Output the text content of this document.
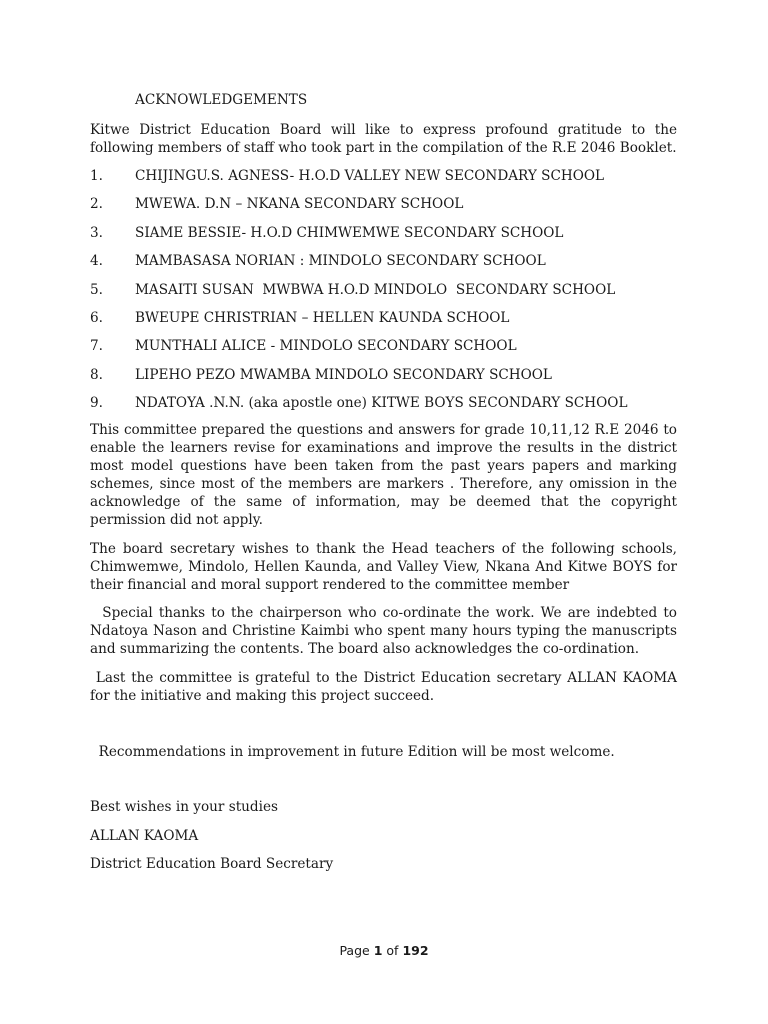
ACKNOWLEDGEMENTS
Kitwe District Education Board will like to express profound gratitude to the following members of staff who took part in the compilation of the R.E 2046 Booklet.
1. CHIJINGU.S. AGNESS- H.O.D VALLEY NEW SECONDARY SCHOOL
2. MWEWA. D.N – NKANA SECONDARY SCHOOL
3. SIAME BESSIE- H.O.D CHIMWEMWE SECONDARY SCHOOL
4. MAMBASASA NORIAN : MINDOLO SECONDARY SCHOOL
5. MASAITI SUSAN  MWBWA H.O.D MINDOLO  SECONDARY SCHOOL
6. BWEUPE CHRISTRIAN – HELLEN KAUNDA SCHOOL
7. MUNTHALI ALICE - MINDOLO SECONDARY SCHOOL
8. LIPEHO PEZO MWAMBA MINDOLO SECONDARY SCHOOL
9. NDATOYA .N.N. (aka apostle one) KITWE BOYS SECONDARY SCHOOL
This committee prepared the questions and answers for grade 10,11,12 R.E 2046 to enable the learners revise for examinations and improve the results in the district most model questions have been taken from the past years papers and marking schemes, since most of the members are markers . Therefore, any omission in the acknowledge of the same of information, may be deemed that the copyright permission did not apply.
The board secretary wishes to thank the Head teachers of the following schools, Chimwemwe, Mindolo, Hellen Kaunda, and Valley View, Nkana And Kitwe BOYS for their financial and moral support rendered to the committee member
Special thanks to the chairperson who co-ordinate the work. We are indebted to Ndatoya Nason and Christine Kaimbi who spent many hours typing the manuscripts and summarizing the contents. The board also acknowledges the co-ordination.
Last the committee is grateful to the District Education secretary ALLAN KAOMA for the initiative and making this project succeed.
Recommendations in improvement in future Edition will be most welcome.
Best wishes in your studies
ALLAN KAOMA
District Education Board Secretary
Page 1 of 192
